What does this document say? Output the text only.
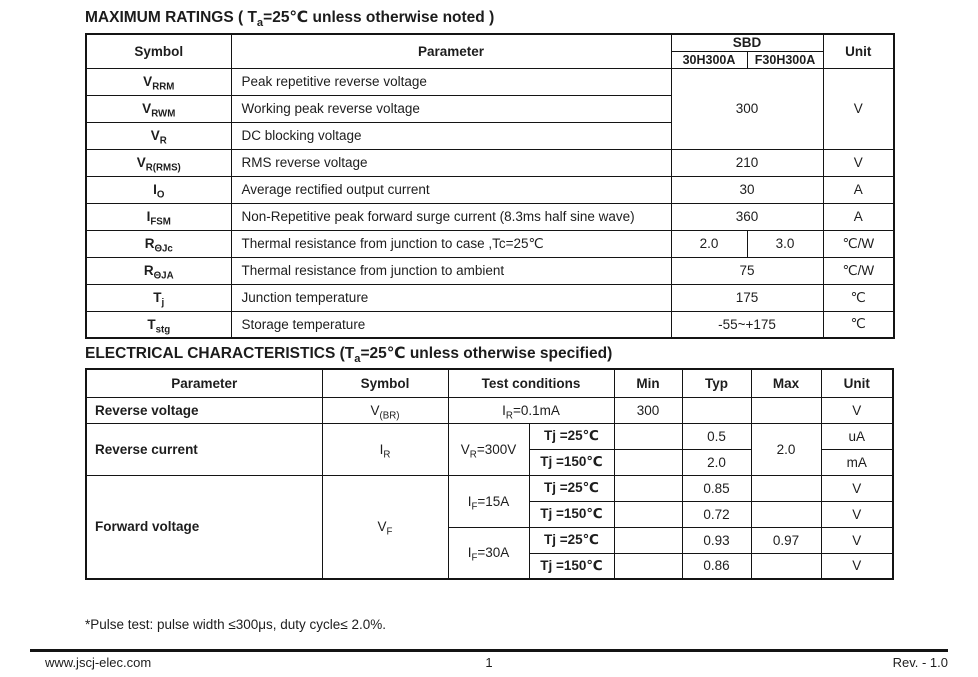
MAXIMUM RATINGS ( $T_a=25℃$ unless otherwise noted )
Symbol	Parameter	SBD		Unit
		30H300A	F30H300A	
$V_{RRM}$	Peak repetitive reverse voltage	300		V
$V_{RWM}$	Working peak reverse voltage			
$V_R$	DC blocking voltage			
$V_{R(RMS)}$	RMS reverse voltage	210		V
$I_O$	Average rectified output current	30		A
$I_{FSM}$	Non-Repetitive peak forward surge current (8.3ms half sine wave)	360		A
$R_{\Theta Jc}$	Thermal resistance from junction to case ,Tc=25℃	2.0	3.0	℃/W
$R_{\Theta JA}$	Thermal resistance from junction to ambient	75		℃/W
$T_j$	Junction temperature	175		℃
$T_{stg}$	Storage temperature	-55~+175		℃
ELECTRICAL CHARACTERISTICS ($T_a=25℃$ unless otherwise specified)
Parameter	Symbol	Test conditions		Min	Typ	Max	Unit
Reverse voltage	$V_{(BR)}$	$I_R=0.1mA$		300			V
Reverse current	$I_R$	$V_R=300V$	Tj =25℃		0.5	2.0	uA
			Tj =150℃		2.0		mA
Forward voltage	$V_F$	$I_F=15A$	Tj =25℃		0.85		V
			Tj =150℃		0.72		V
		$I_F=30A$	Tj =25℃		0.93	0.97	V
			Tj =150℃		0.86		V
*Pulse test: pulse width ≤300μs, duty cycle≤ 2.0%.
1
www.jscj-elec.com	Rev. - 1.0
